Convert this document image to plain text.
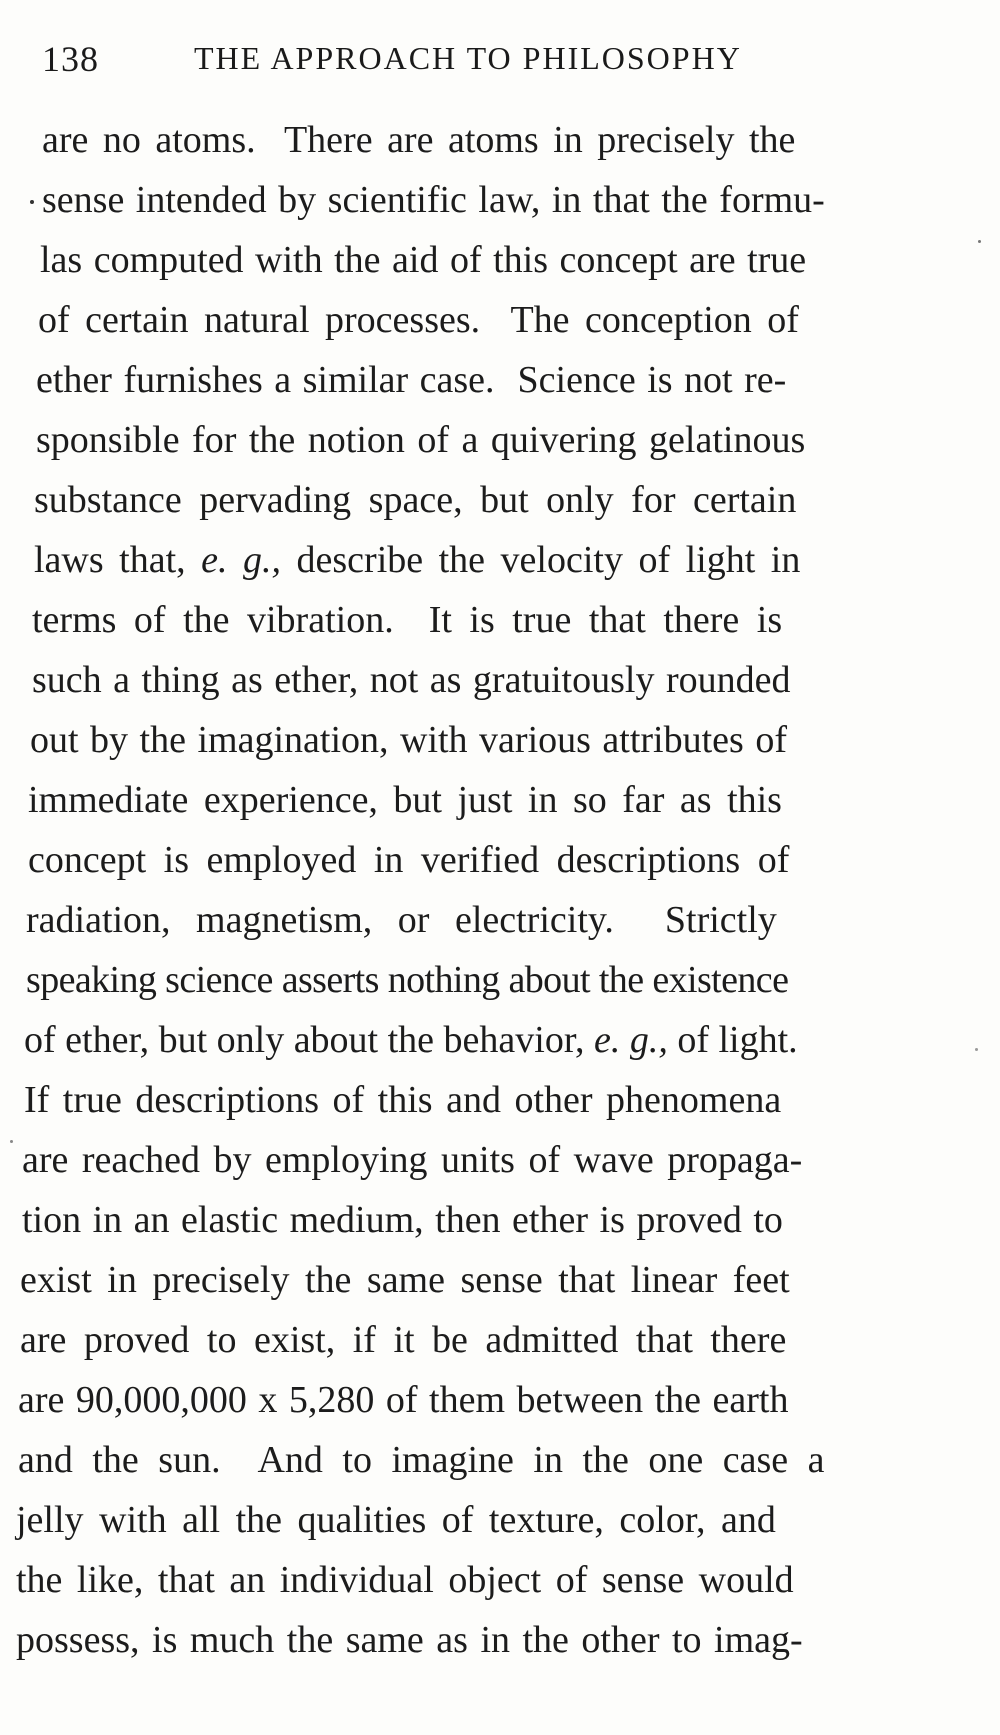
138	THE APPROACH TO PHILOSOPHY
are no atoms.  There are atoms in precisely the
sense intended by scientific law, in that the formu-
las computed with the aid of this concept are true
of certain natural processes.  The conception of
ether furnishes a similar case.  Science is not re-
sponsible for the notion of a quivering gelatinous
substance pervading space, but only for certain
laws that, e. g., describe the velocity of light in
terms of the vibration.  It is true that there is
such a thing as ether, not as gratuitously rounded
out by the imagination, with various attributes of
immediate experience, but just in so far as this
concept is employed in verified descriptions of
radiation, magnetism, or electricity.  Strictly
speaking science asserts nothing about the existence
of ether, but only about the behavior, e. g., of light.
If true descriptions of this and other phenomena
are reached by employing units of wave propaga-
tion in an elastic medium, then ether is proved to
exist in precisely the same sense that linear feet
are proved to exist, if it be admitted that there
are 90,000,000 x 5,280 of them between the earth
and the sun.  And to imagine in the one case a
jelly with all the qualities of texture, color, and
the like, that an individual object of sense would
possess, is much the same as in the other to imag-
